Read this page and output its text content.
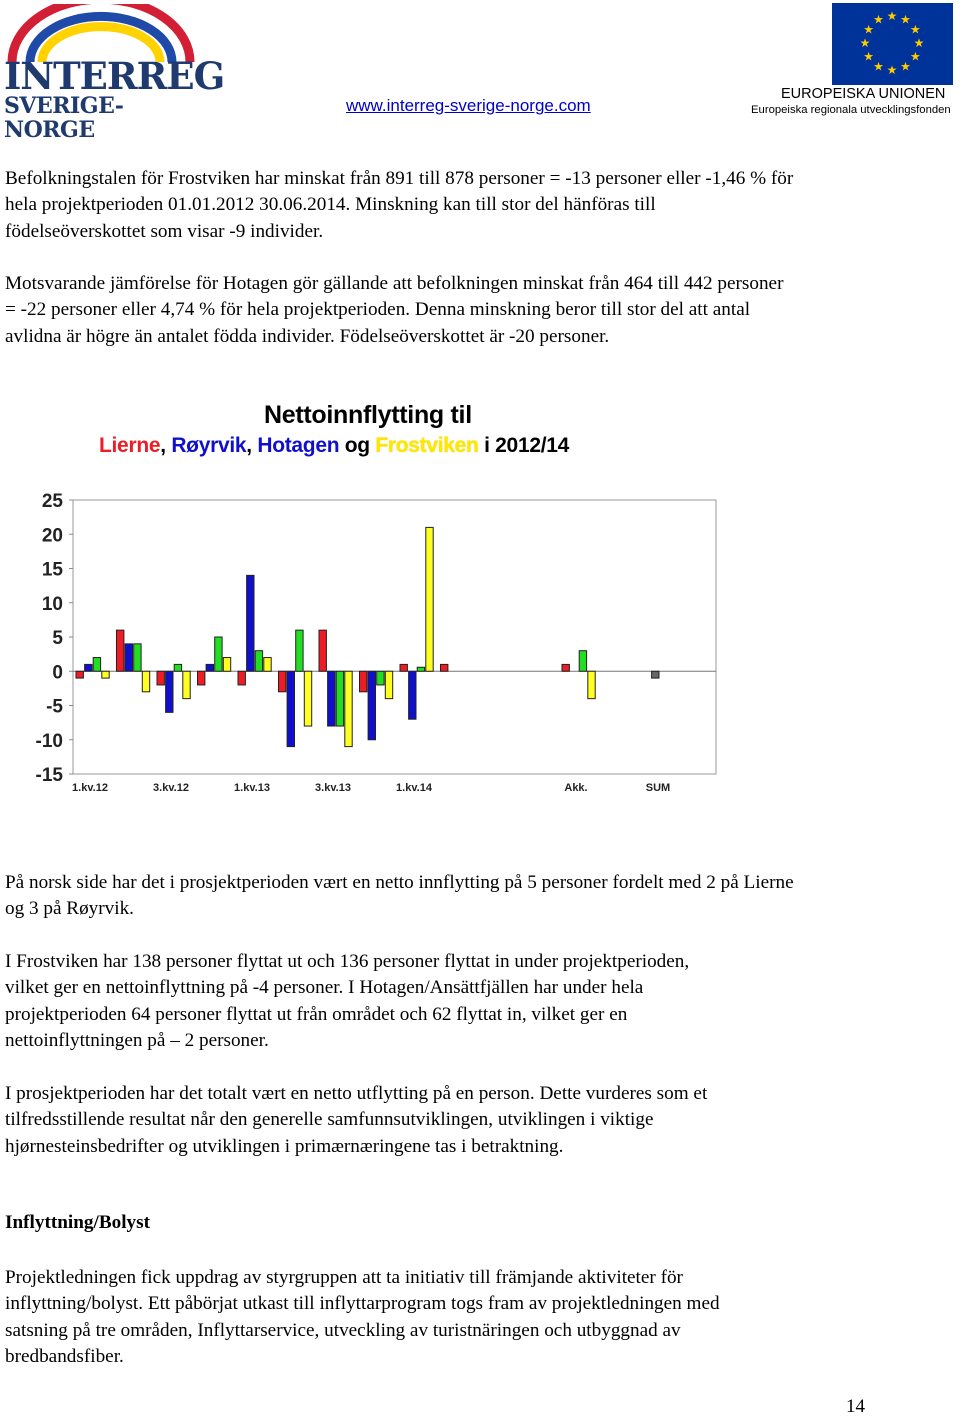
INTERREG
SVERIGE-NORGE
www.interreg-sverige-norge.com
★ ★
★
★
★
★
★
★
★
★
★
★
EUROPEISKA UNIONEN
Europeiska regionala utvecklingsfonden

Befolkningstalen för Frostviken har minskat från 891 till 878 personer = -13 personer eller -1,46 % för
hela projektperioden 01.01.2012 30.06.2014. Minskning kan till stor del hänföras till
födelseöverskottet som visar -9 individer.

Motsvarande jämförelse för Hotagen gör gällande att befolkningen minskat från 464 till 442 personer
= -22 personer eller 4,74 % för hela projektperioden. Denna minskning beror till stor del att antal
avlidna är högre än antalet födda individer. Födelseöverskottet är -20 personer.

Nettoinnflytting til
Lierne, Røyrvik, Hotagen og Frostviken i 2012/14
25
20
15
10
5
0
-5
-10
-15
1.kv.12	3.kv.12	1.kv.13	3.kv.13	1.kv.14	Akk.	SUM

På norsk side har det i prosjektperioden vært en netto innflytting på 5 personer fordelt med 2 på Lierne
og 3 på Røyrvik.

I Frostviken har 138 personer flyttat ut och 136 personer flyttat in under projektperioden,
vilket ger en nettoinflyttning på -4 personer. I Hotagen/Ansättfjällen har under hela
projektperioden 64 personer flyttat ut från området och 62 flyttat in, vilket ger en
nettoinflyttningen på – 2 personer.

I prosjektperioden har det totalt vært en netto utflytting på en person. Dette vurderes som et
tilfredsstillende resultat når den generelle samfunnsutviklingen, utviklingen i viktige
hjørnesteinsbedrifter og utviklingen i primærnæringene tas i betraktning.

Inflyttning/Bolyst

Projektledningen fick uppdrag av styrgruppen att ta initiativ till främjande aktiviteter för
inflyttning/bolyst. Ett påbörjat utkast till inflyttarprogram togs fram av projektledningen med
satsning på tre områden, Inflyttarservice, utveckling av turistnäringen och utbyggnad av
bredbandsfiber.

14
